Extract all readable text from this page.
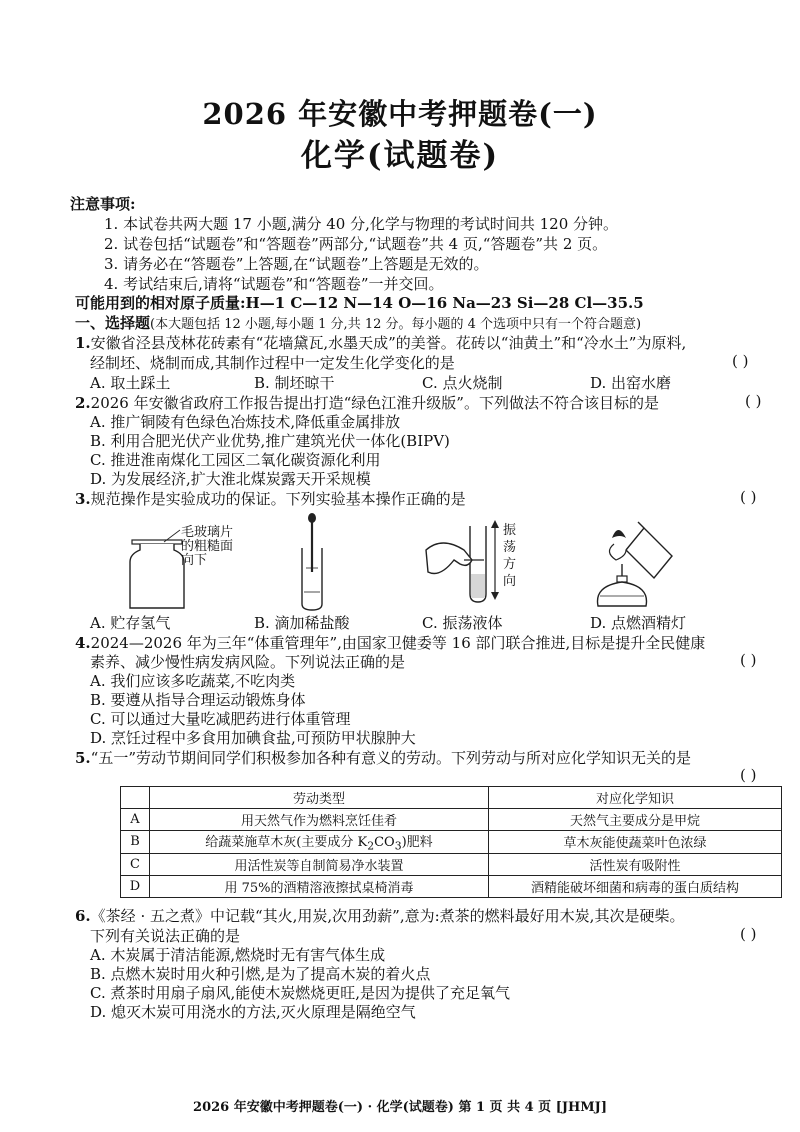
2026 年安徽中考押题卷(一)
化学(试题卷)
注意事项:
1. 本试卷共两大题 17 小题,满分 40 分,化学与物理的考试时间共 120 分钟。
2. 试卷包括“试题卷”和“答题卷”两部分,“试题卷”共 4 页,“答题卷”共 2 页。
3. 请务必在“答题卷”上答题,在“试题卷”上答题是无效的。
4. 考试结束后,请将“试题卷”和“答题卷”一并交回。
可能用到的相对原子质量:H—1 C—12 N—14 O—16 Na—23 Si—28 Cl—35.5
一、选择题(本大题包括 12 小题,每小题 1 分,共 12 分。每小题的 4 个选项中只有一个符合题意)
1.安徽省泾县茂林花砖素有“花墙黛瓦,水墨天成”的美誉。花砖以“油黄土”和“冷水土”为原料,
经制坯、烧制而成,其制作过程中一定发生化学变化的是	( )
A. 取土踩土	B. 制坯晾干	C. 点火烧制	D. 出窑水磨
2.2026 年安徽省政府工作报告提出打造“绿色江淮升级版”。下列做法不符合该目标的是	( )
A. 推广铜陵有色绿色冶炼技术,降低重金属排放
B. 利用合肥光伏产业优势,推广建筑光伏一体化(BIPV)
C. 推进淮南煤化工园区二氧化碳资源化利用
D. 为发展经济,扩大淮北煤炭露天开采规模
3.规范操作是实验成功的保证。下列实验基本操作正确的是	( )
毛玻璃片
的粗糙面
向下
振
荡
方
向
A. 贮存氢气	B. 滴加稀盐酸	C. 振荡液体	D. 点燃酒精灯
4.2024—2026 年为三年“体重管理年”,由国家卫健委等 16 部门联合推进,目标是提升全民健康
素养、减少慢性病发病风险。下列说法正确的是	( )
A. 我们应该多吃蔬菜,不吃肉类
B. 要遵从指导合理运动锻炼身体
C. 可以通过大量吃减肥药进行体重管理
D. 烹饪过程中多食用加碘食盐,可预防甲状腺肿大
5.“五一”劳动节期间同学们积极参加各种有意义的劳动。下列劳动与所对应化学知识无关的是
( )
	劳动类型	对应化学知识
A	用天然气作为燃料烹饪佳肴	天然气主要成分是甲烷
B	给蔬菜施草木灰(主要成分 $K_2CO_3$)肥料	草木灰能使蔬菜叶色浓绿
C	用活性炭等自制简易净水装置	活性炭有吸附性
D	用 75%的酒精溶液擦拭桌椅消毒	酒精能破坏细菌和病毒的蛋白质结构
6.《茶经 · 五之煮》中记载“其火,用炭,次用劲薪”,意为:煮茶的燃料最好用木炭,其次是硬柴。
下列有关说法正确的是	( )
A. 木炭属于清洁能源,燃烧时无有害气体生成
B. 点燃木炭时用火种引燃,是为了提高木炭的着火点
C. 煮茶时用扇子扇风,能使木炭燃烧更旺,是因为提供了充足氧气
D. 熄灭木炭可用浇水的方法,灭火原理是隔绝空气
2026 年安徽中考押题卷(一) · 化学(试题卷) 第 1 页 共 4 页 [JHMJ]
